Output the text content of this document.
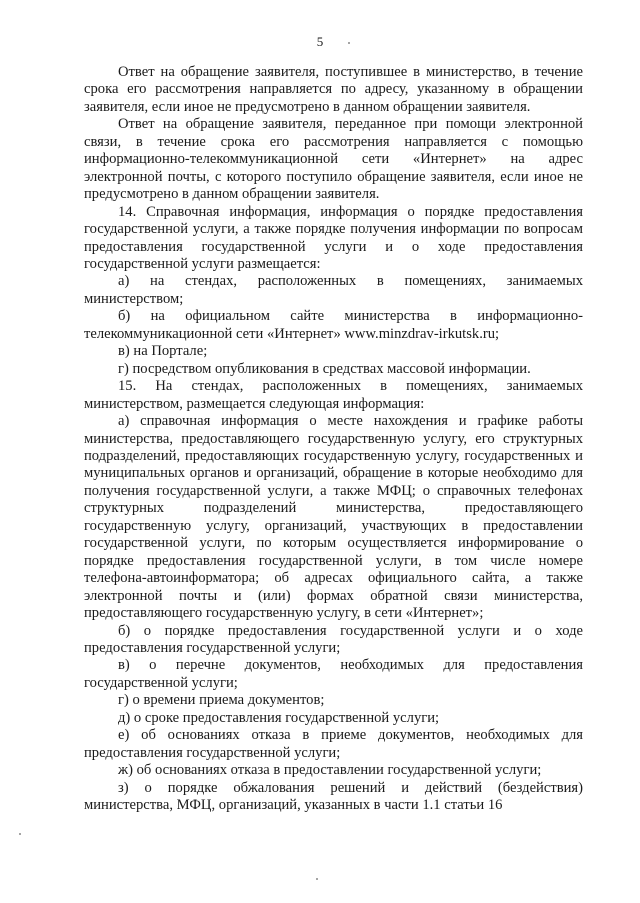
5

Ответ на обращение заявителя, поступившее в министерство, в течение срока его рассмотрения направляется по адресу, указанному в обращении заявителя, если иное не предусмотрено в данном обращении заявителя.

Ответ на обращение заявителя, переданное при помощи электронной связи, в течение срока его рассмотрения направляется с помощью информационно-телекоммуникационной сети «Интернет» на адрес электронной почты, с которого поступило обращение заявителя, если иное не предусмотрено в данном обращении заявителя.

14. Справочная информация, информация о порядке предоставления государственной услуги, а также порядке получения информации по вопросам предоставления государственной услуги и о ходе предоставления государственной услуги размещается:

а) на стендах, расположенных в помещениях, занимаемых министерством;

б) на официальном сайте министерства в информационно-телекоммуникационной сети «Интернет» www.minzdrav-irkutsk.ru;

в) на Портале;

г) посредством опубликования в средствах массовой информации.

15. На стендах, расположенных в помещениях, занимаемых министерством, размещается следующая информация:

а) справочная информация о месте нахождения и графике работы министерства, предоставляющего государственную услугу, его структурных подразделений, предоставляющих государственную услугу, государственных и муниципальных органов и организаций, обращение в которые необходимо для получения государственной услуги, а также МФЦ; о справочных телефонах структурных подразделений министерства, предоставляющего государственную услугу, организаций, участвующих в предоставлении государственной услуги, по которым осуществляется информирование о порядке предоставления государственной услуги, в том числе номере телефона-автоинформатора; об адресах официального сайта, а также электронной почты и (или) формах обратной связи министерства, предоставляющего государственную услугу, в сети «Интернет»;

б) о порядке предоставления государственной услуги и о ходе предоставления государственной услуги;

в) о перечне документов, необходимых для предоставления государственной услуги;

г) о времени приема документов;

д) о сроке предоставления государственной услуги;

е) об основаниях отказа в приеме документов, необходимых для предоставления государственной услуги;

ж) об основаниях отказа в предоставлении государственной услуги;

з) о порядке обжалования решений и действий (бездействия) министерства, МФЦ, организаций, указанных в части 1.1 статьи 16
